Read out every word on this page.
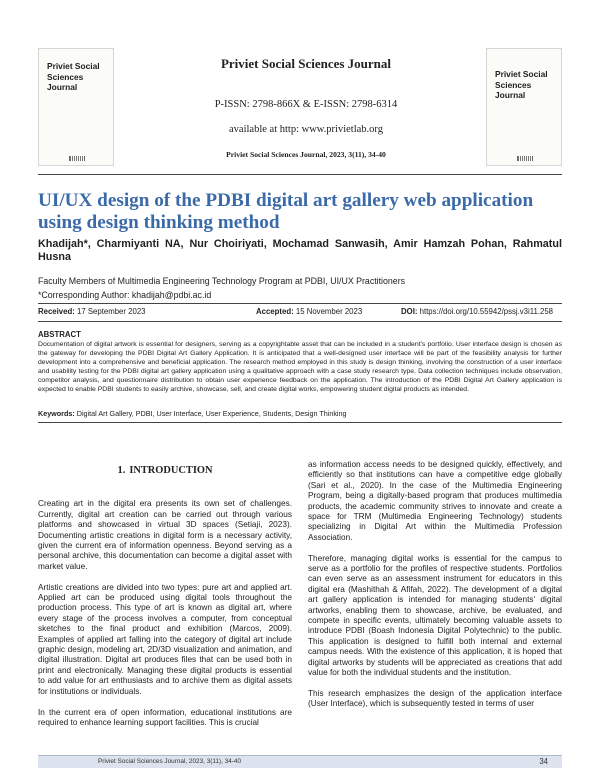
Priviet Social Sciences Journal
Priviet Social Sciences Journal
P-ISSN: 2798-866X & E-ISSN: 2798-6314
available at http: www.privietlab.org
Priviet Social Sciences Journal, 2023, 3(11), 34-40
Priviet Social Sciences Journal
UI/UX design of the PDBI digital art gallery web application using design thinking method
Khadijah*, Charmiyanti NA, Nur Choiriyati, Mochamad Sanwasih, Amir Hamzah Pohan, Rahmatul Husna
Faculty Members of Multimedia Engineering Technology Program at PDBI, UI/UX Practitioners
*Corresponding Author: khadijah@pdbi.ac.id
Received: 17 September 2023	Accepted: 15 November 2023	DOI: https://doi.org/10.55942/pssj.v3i11.258
ABSTRACT
Documentation of digital artwork is essential for designers, serving as a copyrightable asset that can be included in a student's portfolio. User interface design is chosen as the gateway for developing the PDBI Digital Art Gallery Application. It is anticipated that a well-designed user interface will be part of the feasibility analysis for further development into a comprehensive and beneficial application. The research method employed in this study is design thinking, involving the construction of a user interface and usability testing for the PDBI digital art gallery application using a qualitative approach with a case study research type. Data collection techniques include observation, competitor analysis, and questionnaire distribution to obtain user experience feedback on the application. The introduction of the PDBI Digital Art Gallery application is expected to enable PDBI students to easily archive, showcase, sell, and create digital works, empowering student digital products as intended.
Keywords: Digital Art Gallery, PDBI, User Interface, User Experience, Students, Design Thinking
1. INTRODUCTION

Creating art in the digital era presents its own set of challenges. Currently, digital art creation can be carried out through various platforms and showcased in virtual 3D spaces (Setiaji, 2023). Documenting artistic creations in digital form is a necessary activity, given the current era of information openness. Beyond serving as a personal archive, this documentation can become a digital asset with market value.

Artistic creations are divided into two types: pure art and applied art. Applied art can be produced using digital tools throughout the production process. This type of art is known as digital art, where every stage of the process involves a computer, from conceptual sketches to the final product and exhibition (Marcos, 2009). Examples of applied art falling into the category of digital art include graphic design, modeling art, 2D/3D visualization and animation, and digital illustration. Digital art produces files that can be used both in print and electronically. Managing these digital products is essential to add value for art enthusiasts and to archive them as digital assets for institutions or individuals.

In the current era of open information, educational institutions are required to enhance learning support facilities. This is crucial

as information access needs to be designed quickly, effectively, and efficiently so that institutions can have a competitive edge globally (Sari et al., 2020). In the case of the Multimedia Engineering Program, being a digitally-based program that produces multimedia products, the academic community strives to innovate and create a space for TRM (Multimedia Engineering Technology) students specializing in Digital Art within the Multimedia Profession Association.

Therefore, managing digital works is essential for the campus to serve as a portfolio for the profiles of respective students. Portfolios can even serve as an assessment instrument for educators in this digital era (Mashithah & Afifah, 2022). The development of a digital art gallery application is intended for managing students' digital artworks, enabling them to showcase, archive, be evaluated, and compete in specific events, ultimately becoming valuable assets to introduce PDBI (Boash Indonesia Digital Polytechnic) to the public. This application is designed to fulfill both internal and external campus needs. With the existence of this application, it is hoped that digital artworks by students will be appreciated as creations that add value for both the individual students and the institution.

This research emphasizes the design of the application interface (User Interface), which is subsequently tested in terms of user

Priviet Social Sciences Journal, 2023, 3(11), 34-40	34
